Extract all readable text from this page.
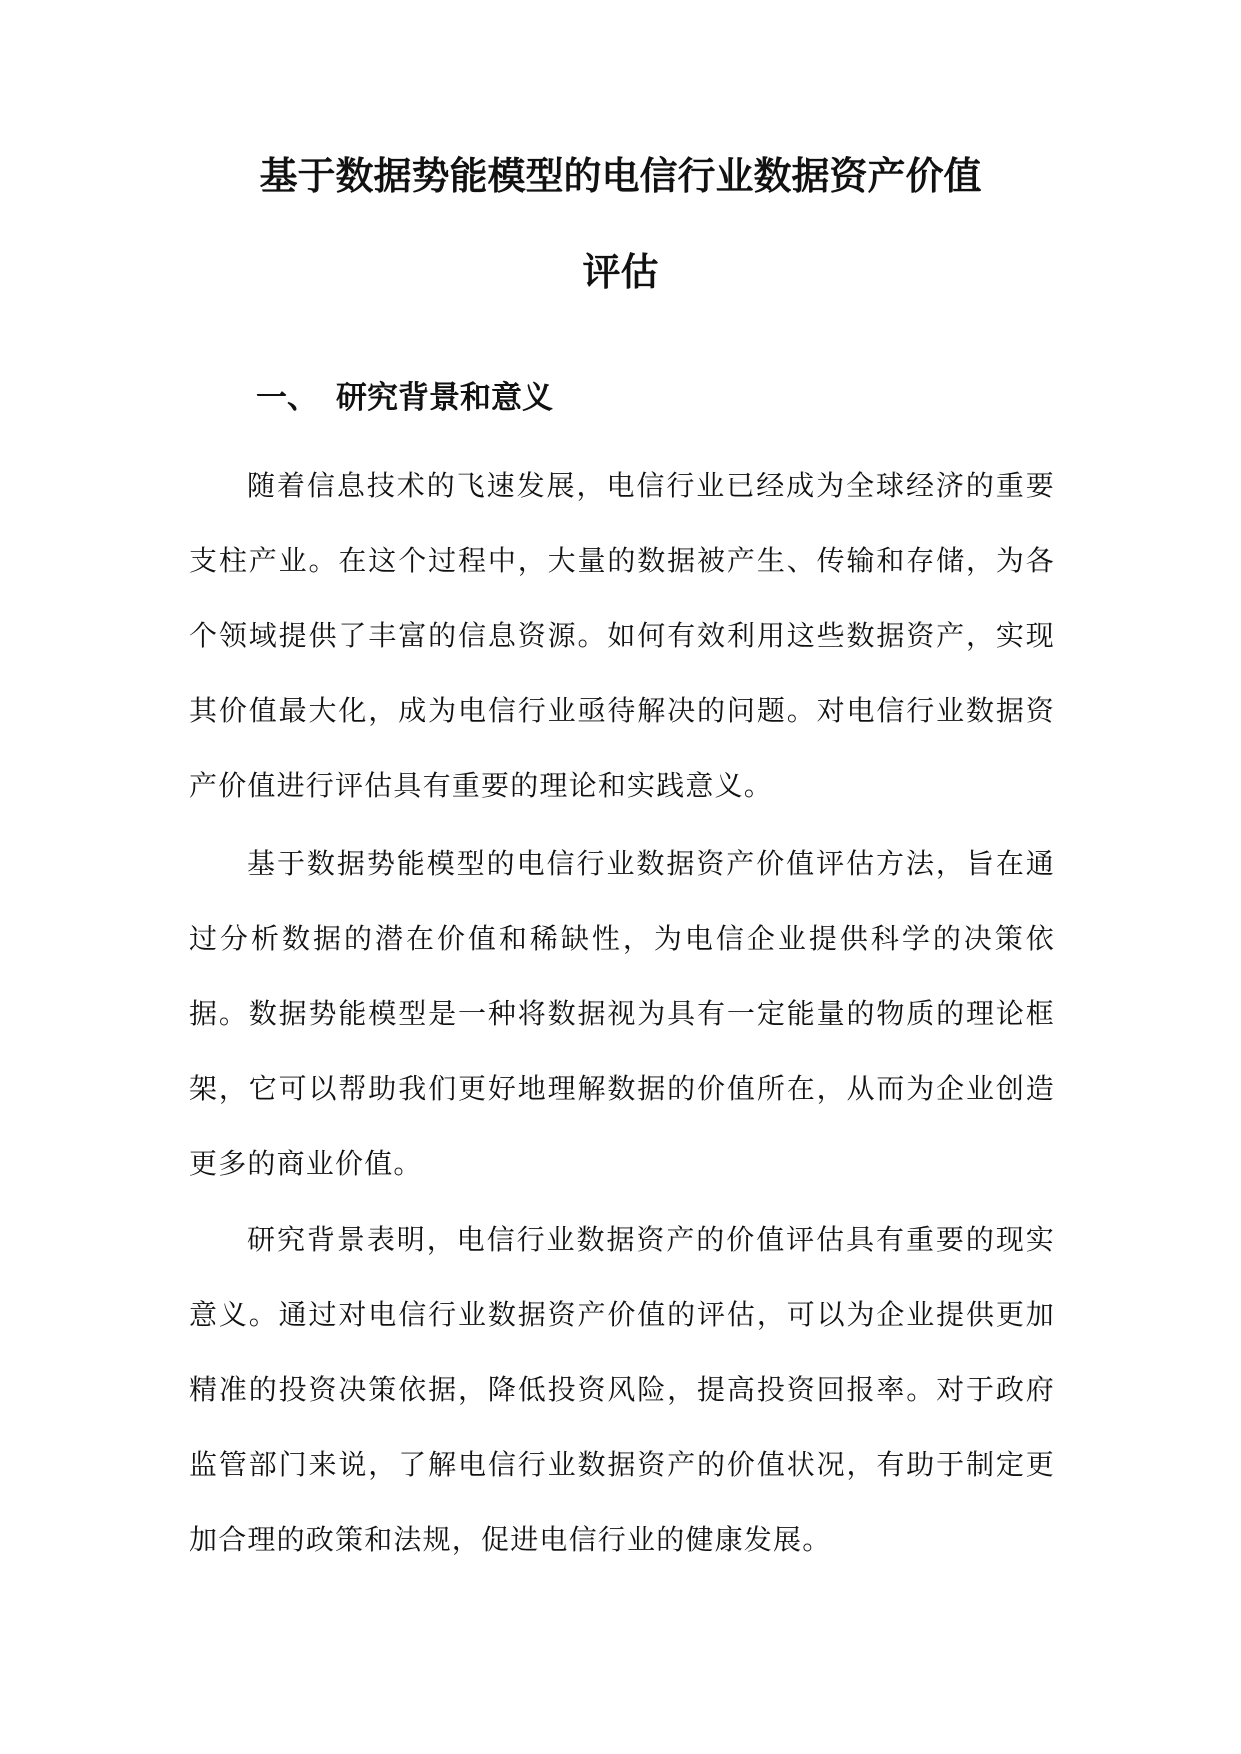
基于数据势能模型的电信行业数据资产价值
评估
一、 研究背景和意义

随着信息技术的飞速发展，电信行业已经成为全球经济的重要支柱产业。在这个过程中，大量的数据被产生、传输和存储，为各个领域提供了丰富的信息资源。如何有效利用这些数据资产，实现其价值最大化，成为电信行业亟待解决的问题。对电信行业数据资产价值进行评估具有重要的理论和实践意义。

基于数据势能模型的电信行业数据资产价值评估方法，旨在通过分析数据的潜在价值和稀缺性，为电信企业提供科学的决策依据。数据势能模型是一种将数据视为具有一定能量的物质的理论框架，它可以帮助我们更好地理解数据的价值所在，从而为企业创造更多的商业价值。

研究背景表明，电信行业数据资产的价值评估具有重要的现实意义。通过对电信行业数据资产价值的评估，可以为企业提供更加精准的投资决策依据，降低投资风险，提高投资回报率。对于政府监管部门来说，了解电信行业数据资产的价值状况，有助于制定更加合理的政策和法规，促进电信行业的健康发展。
